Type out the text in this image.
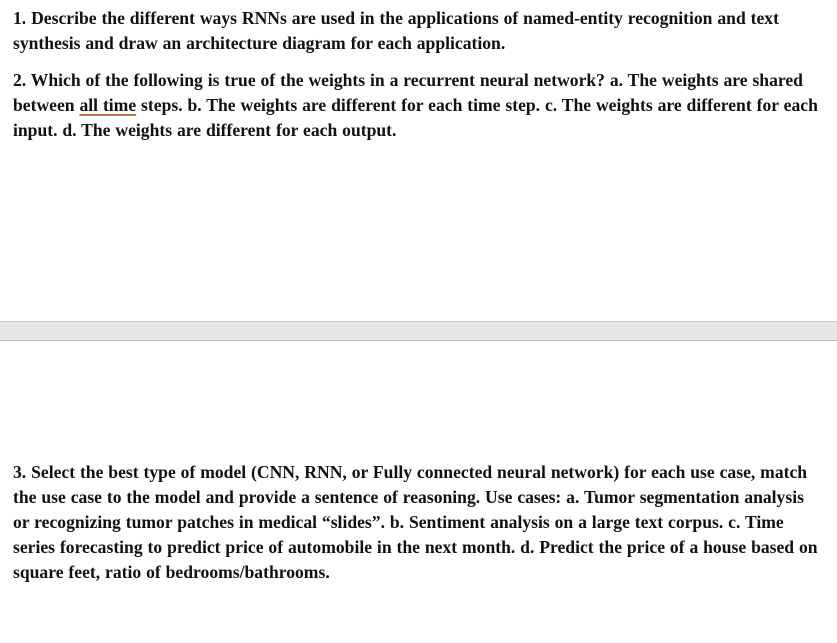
1. Describe the different ways RNNs are used in the applications of named-entity recognition and text synthesis and draw an architecture diagram for each application.

2. Which of the following is true of the weights in a recurrent neural network? a. The weights are shared between all time steps. b. The weights are different for each time step. c. The weights are different for each input. d. The weights are different for each output.

3. Select the best type of model (CNN, RNN, or Fully connected neural network) for each use case, match the use case to the model and provide a sentence of reasoning. Use cases: a. Tumor segmentation analysis or recognizing tumor patches in medical “slides”. b. Sentiment analysis on a large text corpus. c. Time series forecasting to predict price of automobile in the next month. d. Predict the price of a house based on square feet, ratio of bedrooms/bathrooms.
